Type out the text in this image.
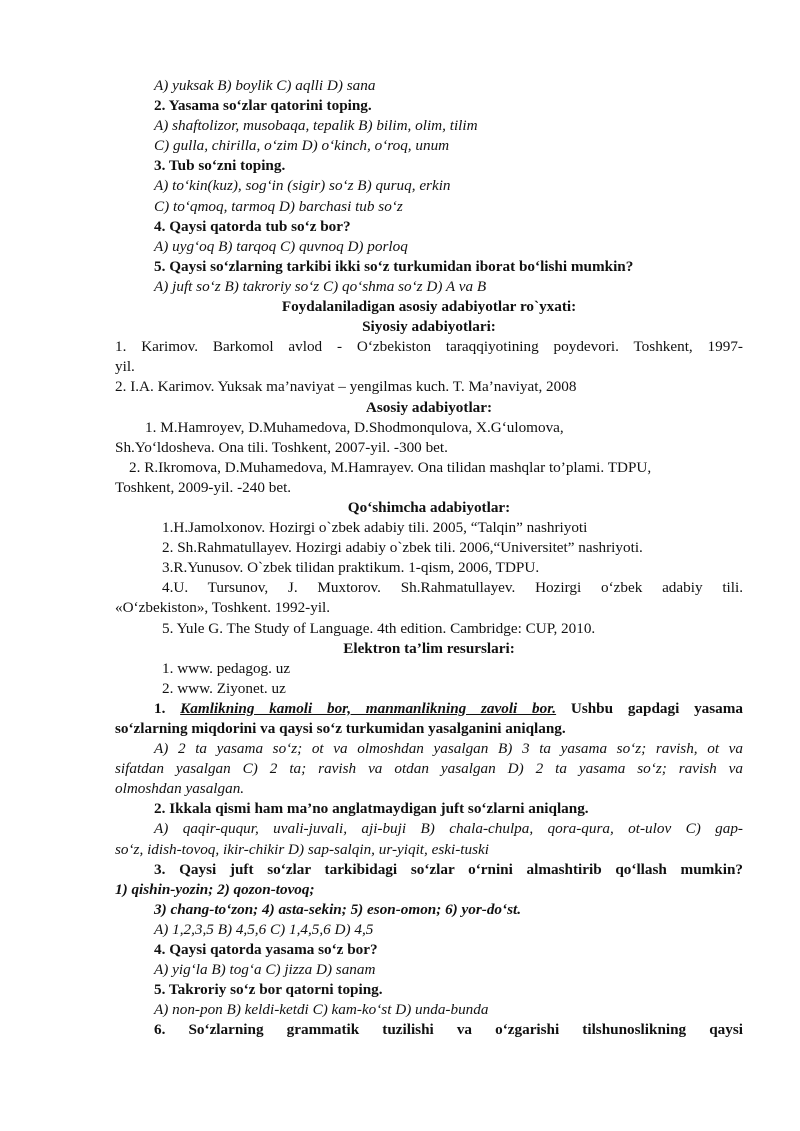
A) yuksak B) boylik C) aqlli D) sana
2. Yasama so‘zlar qatorini toping.
A) shaftolizor, musobaqa, tepalik B) bilim, olim, tilim
C) gulla, chirilla, o‘zim D) o‘kinch, o‘roq, unum
3. Tub so‘zni toping.
A) to‘kin(kuz), sog‘in (sigir) so‘z B) quruq, erkin
C) to‘qmoq, tarmoq D) barchasi tub so‘z
4. Qaysi qatorda tub so‘z bor?
A) uyg‘oq B) tarqoq C) quvnoq D) porloq
5. Qaysi so‘zlarning tarkibi ikki so‘z turkumidan iborat bo‘lishi mumkin?
A) juft so‘z B) takroriy so‘z C) qo‘shma so‘z D) A va B
Foydalaniladigan asosiy adabiyotlar ro`yxati:
Siyosiy adabiyotlari:
1. Karimov. Barkomol avlod - O‘zbekiston taraqqiyotining poydevori. Toshkent, 1997-
yil.
2. I.A. Karimov. Yuksak ma’naviyat – yengilmas kuch. T. Ma’naviyat, 2008
Asosiy adabiyotlar:
1. M.Hamroyev, D.Muhamedova, D.Shodmonqulova, X.G‘ulomova,
Sh.Yo‘ldosheva. Ona tili. Toshkent, 2007-yil. -300 bet.
2. R.Ikromova, D.Muhamedova, M.Hamrayev. Ona tilidan mashqlar to’plami. TDPU,
Toshkent, 2009-yil. -240 bet.
Qo‘shimcha adabiyotlar:
1.H.Jamolxonov. Hozirgi o`zbek adabiy tili. 2005, “Talqin” nashriyoti
2. Sh.Rahmatullayev. Hozirgi adabiy o`zbek tili. 2006,“Universitet” nashriyoti.
3.R.Yunusov. O`zbek tilidan praktikum. 1-qism, 2006, TDPU.
4.U. Tursunov, J. Muxtorov. Sh.Rahmatullayev. Hozirgi o‘zbek adabiy tili.
«O‘zbekiston», Toshkent. 1992-yil.
5. Yule G. The Study of Language. 4th edition. Cambridge: CUP, 2010.
Elektron ta’lim resurslari:
1. www. pedagog. uz
2. www. Ziyonet. uz
1. Kamlikning kamoli bor, manmanlikning zavoli bor. Ushbu gapdagi yasama
so‘zlarning miqdorini va qaysi so‘z turkumidan yasalganini aniqlang.
A) 2 ta yasama so‘z; ot va olmoshdan yasalgan B) 3 ta yasama so‘z; ravish, ot va
sifatdan yasalgan C) 2 ta; ravish va otdan yasalgan D) 2 ta yasama so‘z; ravish va
olmoshdan yasalgan.
2. Ikkala qismi ham ma’no anglatmaydigan juft so‘zlarni aniqlang.
A) qaqir-ququr, uvali-juvali, aji-buji B) chala-chulpa, qora-qura, ot-ulov C) gap-
so‘z, idish-tovoq, ikir-chikir D) sap-salqin, ur-yiqit, eski-tuski
3. Qaysi juft so‘zlar tarkibidagi so‘zlar o‘rnini almashtirib qo‘llash mumkin?
1) qishin-yozin; 2) qozon-tovoq;
3) chang-to‘zon; 4) asta-sekin; 5) eson-omon; 6) yor-do‘st.
A) 1,2,3,5 B) 4,5,6 C) 1,4,5,6 D) 4,5
4. Qaysi qatorda yasama so‘z bor?
A) yig‘la B) tog‘a C) jizza D) sanam
5. Takroriy so‘z bor qatorni toping.
A) non-pon B) keldi-ketdi C) kam-ko‘st D) unda-bunda
6. So‘zlarning grammatik tuzilishi va o‘zgarishi tilshunoslikning qaysi
